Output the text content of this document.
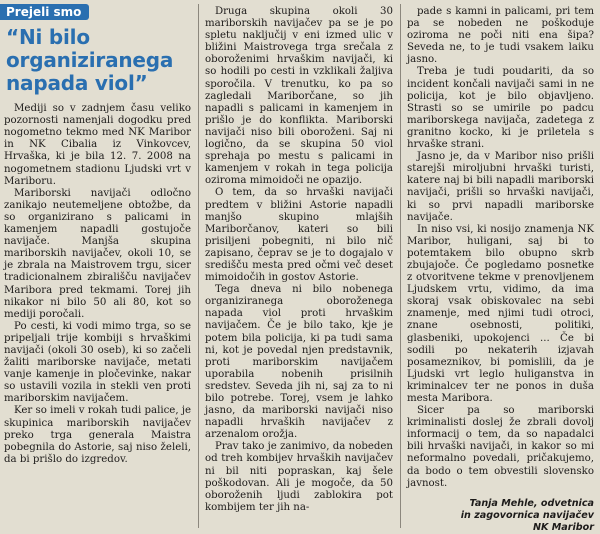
Prejeli smo
“Ni bilo organiziranega napada viol”

Mediji so v zadnjem času veliko pozornosti namenjali dogodku pred nogometno tekmo med NK Maribor in NK Cibalia iz Vinkovcev, Hrvaška, ki je bila 12. 7. 2008 na nogometnem stadionu Ljudski vrt v Mariboru.

Mariborski navijači odločno zanikajo neutemeljene obtožbe, da so organizirano s palicami in kamenjem napadli gostujoče navijače. Manjša skupina mariborskih navijačev, okoli 10, se je zbrala na Maistrovem trgu, sicer tradicionalnem zbirališču navijačev Maribora pred tekmami. Torej jih nikakor ni bilo 50 ali 80, kot so mediji poročali.

Po cesti, ki vodi mimo trga, so se pripeljali trije kombiji s hrvaškimi navijači (okoli 30 oseb), ki so začeli žaliti mariborske navijače, metati vanje kamenje in pločevinke, nakar so ustavili vozila in stekli ven proti mariborskim navijačem.

Ker so imeli v rokah tudi palice, je skupinica mariborskih navijačev preko trga generala Maistra pobegnila do Astorie, saj niso želeli, da bi prišlo do izgredov.

Druga skupina okoli 30 mariborskih navijačev pa se je po spletu naključij v eni izmed ulic v bližini Maistrovega trga srečala z oboroženimi hrvaškim navijači, ki so hodili po cesti in vzklikali žaljiva sporočila. V trenutku, ko pa so zagledali Mariborčane, so jih napadli s palicami in kamenjem in prišlo je do konflikta. Mariborski navijači niso bili oboroženi. Saj ni logično, da se skupina 50 viol sprehaja po mestu s palicami in kamenjem v rokah in tega policija oziroma mimoidoči ne opazijo.

O tem, da so hrvaški navijači predtem v bližini Astorie napadli manjšo skupino mlajših Mariborčanov, kateri so bili prisiljeni pobegniti, ni bilo nič zapisano, čeprav se je to dogajalo v središču mesta pred očmi več deset mimoidočih in gostov Astorie.

Tega dneva ni bilo nobenega organiziranega oboroženega napada viol proti hrvaškim navijačem. Če je bilo tako, kje je potem bila policija, ki pa tudi sama ni, kot je povedal njen predstavnik, proti mariborskim navijačem uporabila nobenih prisilnih sredstev. Seveda jih ni, saj za to ni bilo potrebe. Torej, vsem je lahko jasno, da mariborski navijači niso napadli hrvaških navijačev z arzenalom orožja.

Prav tako je zanimivo, da nobeden od treh kombijev hrvaških navijačev ni bil niti popraskan, kaj šele poškodovan. Ali je mogoče, da 50 oboroženih ljudi zablokira pot kombijem ter jih na-

pade s kamni in palicami, pri tem pa se nobeden ne poškoduje oziroma ne poči niti ena šipa? Seveda ne, to je tudi vsakem laiku jasno.

Treba je tudi poudariti, da so incident končali navijači sami in ne policija, kot je bilo objavljeno. Strasti so se umirile po padcu mariborskega navijača, zadetega z granitno kocko, ki je priletela s hrvaške strani.

Jasno je, da v Maribor niso prišli starejši miroljubni hrvaški turisti, katere naj bi bili napadli mariborski navijači, prišli so hrvaški navijači, ki so prvi napadli mariborske navijače.

In niso vsi, ki nosijo znamenja NK Maribor, huligani, saj bi to potemtakem bilo obupno skrb zbujajoče. Če pogledamo posnetke z otvoritvene tekme v prenovljenem Ljudskem vrtu, vidimo, da ima skoraj vsak obiskovalec na sebi znamenje, med njimi tudi otroci, znane osebnosti, politiki, glasbeniki, upokojenci ... Če bi sodili po nekaterih izjavah posameznikov, bi pomislili, da je Ljudski vrt leglo huliganstva in kriminalcev ter ne ponos in duša mesta Maribora.

Sicer pa so mariborski kriminalisti doslej že zbrali dovolj informacij o tem, da so napadalci bili hrvaški navijači, in kakor so mi neformalno povedali, pričakujemo, da bodo o tem obvestili slovensko javnost.

Tanja Mehle, odvetnica
in zagovornica navijačev
NK Maribor
